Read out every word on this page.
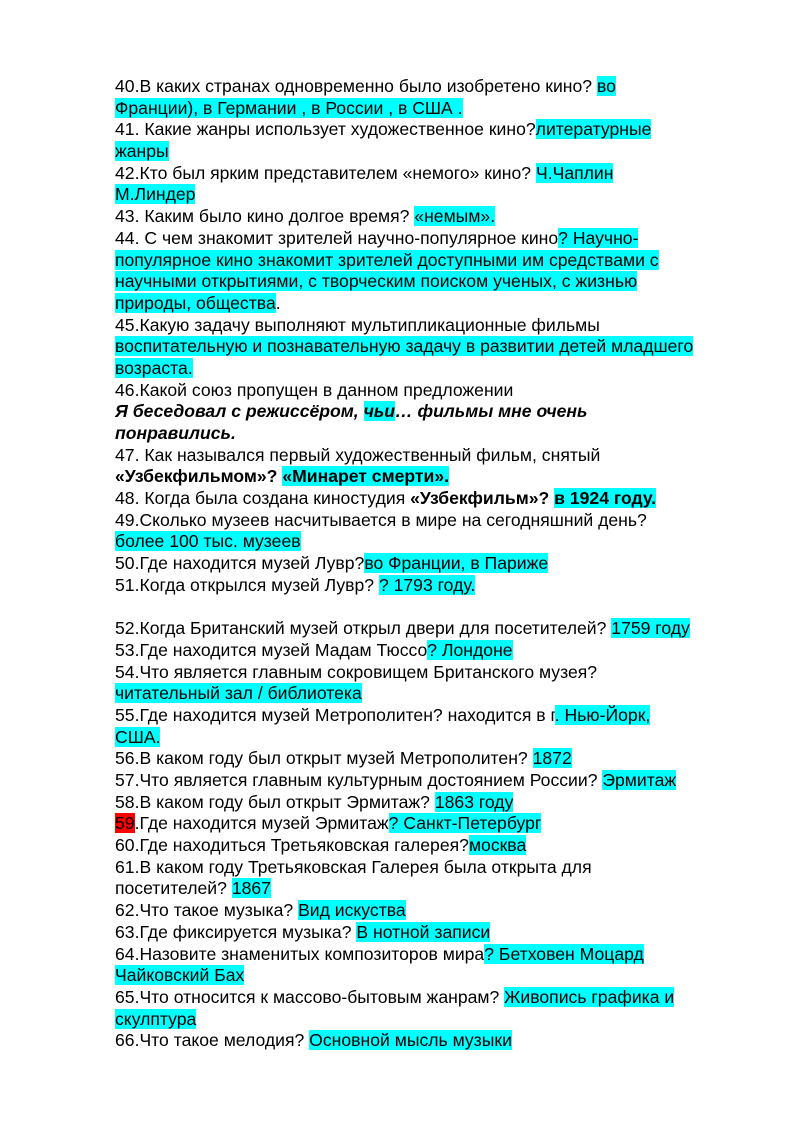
40.В каких странах одновременно было изобретено кино? во
Франции), в Германии , в России , в США .
41. Какие жанры использует художественное кино?литературные
жанры
42.Кто был ярким представителем «немого» кино? Ч.Чаплин
М.Линдер
43. Каким было кино долгое время? «немым».
44. С чем знакомит зрителей научно-популярное кино? Научно-
популярное кино знакомит зрителей доступными им средствами с
научными открытиями, с творческим поиском ученых, с жизнью
природы, общества.
45.Какую задачу выполняют мультипликационные фильмы
воспитательную и познавательную задачу в развитии детей младшего
возраста.
46.Какой союз пропущен в данном предложении
Я беседовал с режиссёром, чьи… фильмы мне очень
понравились.
47. Как назывался первый художественный фильм, снятый
«Узбекфильмом»? «Минарет смерти».
48. Когда была создана киностудия «Узбекфильм»? в 1924 году.
49.Сколько музеев насчитывается в мире на сегодняшний день?
более 100 тыс. музеев
50.Где находится музей Лувр?во Франции, в Париже
51.Когда открылся музей Лувр? ? 1793 году.
52.Когда Британский музей открыл двери для посетителей? 1759 году
53.Где находится музей Мадам Тюссо? Лондоне
54.Что является главным сокровищем Британского музея?
читательный зал / библиотека
55.Где находится музей Метрополитен? находится в г. Нью-Йорк,
США.
56.В каком году был открыт музей Метрополитен? 1872
57.Что является главным культурным достоянием России? Эрмитаж
58.В каком году был открыт Эрмитаж? 1863 году
59.Где находится музей Эрмитаж? Санкт-Петербург
60.Где находиться Третьяковская галерея?москва
61.В каком году Третьяковская Галерея была открыта для
посетителей? 1867
62.Что такое музыка? Вид искуства
63.Где фиксируется музыка? В нотной записи
64.Назовите знаменитых композиторов мира? Бетховен Моцард
Чайковский Бах
65.Что относится к массово-бытовым жанрам? Живопись графика и
скулптура
66.Что такое мелодия? Основной мысль музыки
